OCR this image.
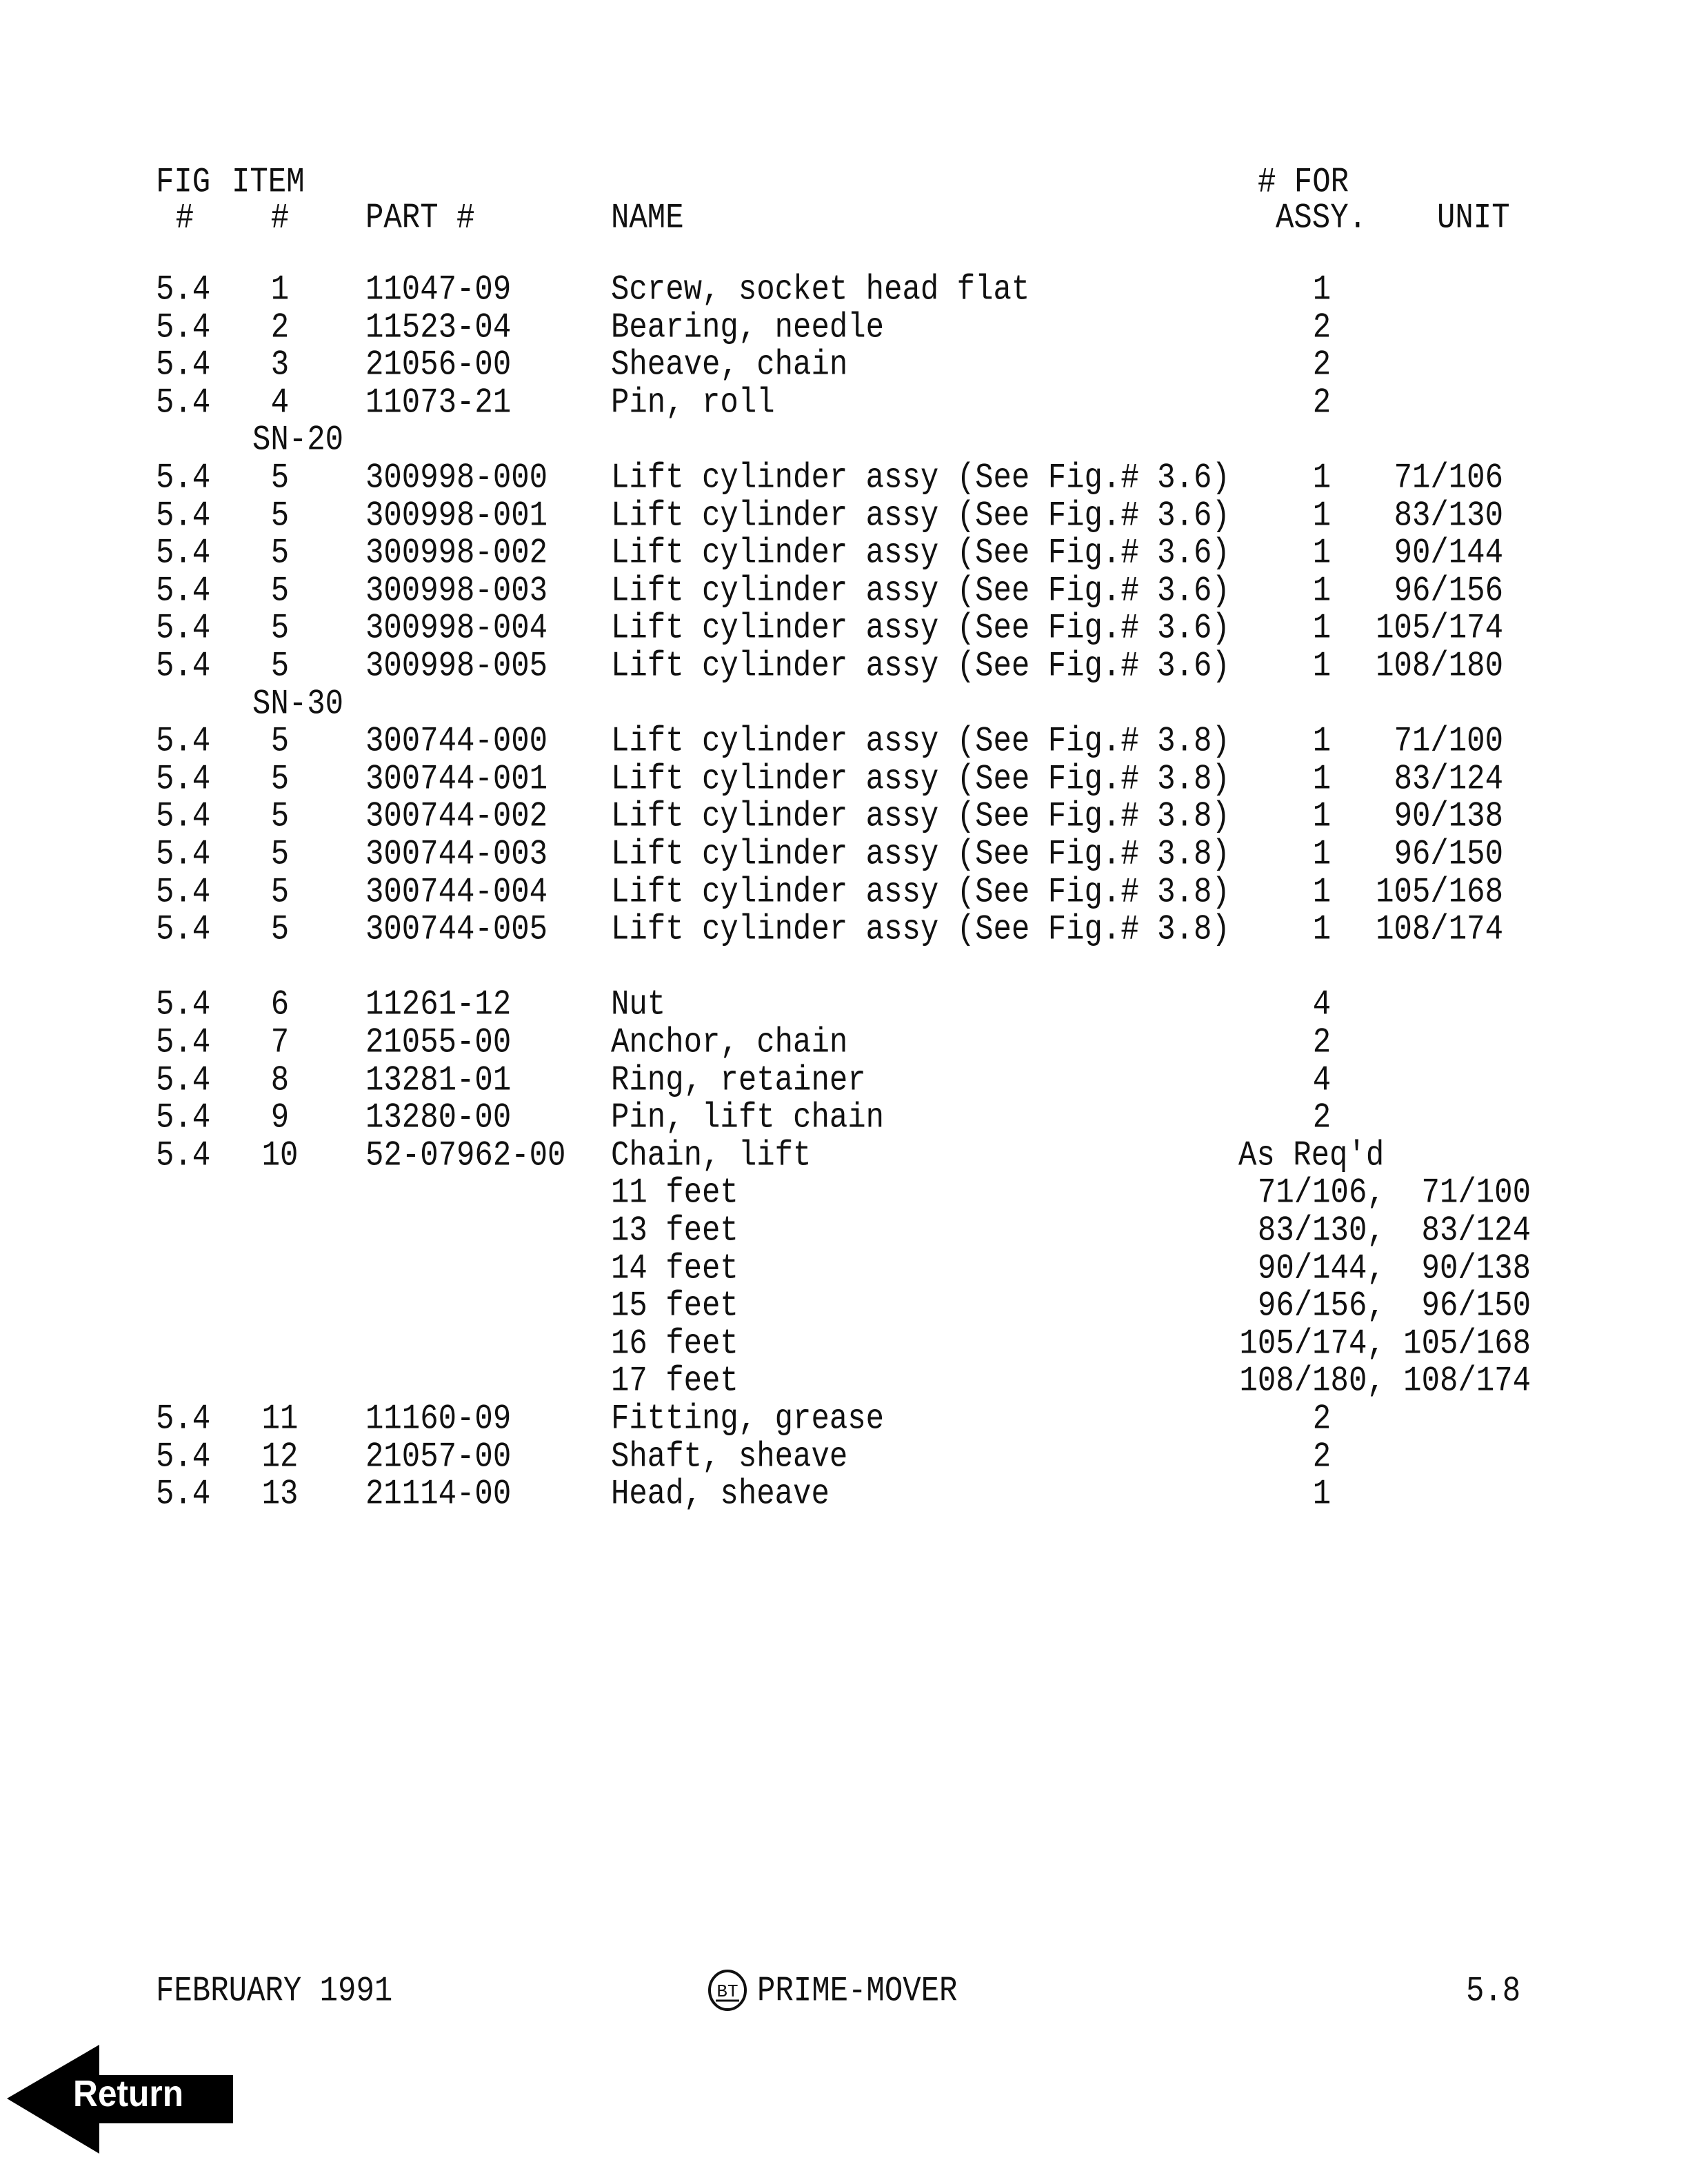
FIG ITEM	# FOR
#	#	PART #	NAME	ASSY. UNIT
5.4 1	11047-09	Screw, socket head flat	1
5.4 2	11523-04	Bearing, needle	2
5.4 3	21056-00	Sheave, chain	2
5.4 4	11073-21	Pin, roll	2
SN-20
5.4 5	300998-000 Lift cylinder assy (See Fig.# 3.6)	1 71/106
5.4 5	300998-001 Lift cylinder assy (See Fig.# 3.6)	1 83/130
5.4 5	300998-002 Lift cylinder assy (See Fig.# 3.6)	1 90/144
5.4 5	300998-003 Lift cylinder assy (See Fig.# 3.6)	1 96/156
5.4 5	300998-004 Lift cylinder assy (See Fig.# 3.6)	1 105/174
5.4 5	300998-005 Lift cylinder assy (See Fig.# 3.6)	1 108/180
SN-30
5.4 5	300744-000 Lift cylinder assy (See Fig.# 3.8)	1 71/100
5.4 5	300744-001 Lift cylinder assy (See Fig.# 3.8)	1 83/124
5.4 5	300744-002 Lift cylinder assy (See Fig.# 3.8)	1 90/138
5.4 5	300744-003 Lift cylinder assy (See Fig.# 3.8)	1 96/150
5.4 5	300744-004 Lift cylinder assy (See Fig.# 3.8)	1 105/168
5.4 5	300744-005 Lift cylinder assy (See Fig.# 3.8)	1 108/174
5.4 6	11261-12	Nut	4
5.4 7	21055-00	Anchor, chain	2
5.4 8	13281-01	Ring, retainer	4
5.4 9	13280-00	Pin, lift chain	2
5.4 10 52-07962-00 Chain, lift	As Req'd
11 feet	71/106,  71/100
13 feet	83/130,  83/124
14 feet	90/144,  90/138
15 feet	96/156,  96/150
16 feet	105/174, 105/168
17 feet	108/180, 108/174
5.4 11 11160-09	Fitting, grease	2
5.4 12 21057-00	Shaft, sheave	2
5.4 13 21114-00	Head, sheave	1
FEBRUARY 1991	BT PRIME-MOVER	5.8
Return
